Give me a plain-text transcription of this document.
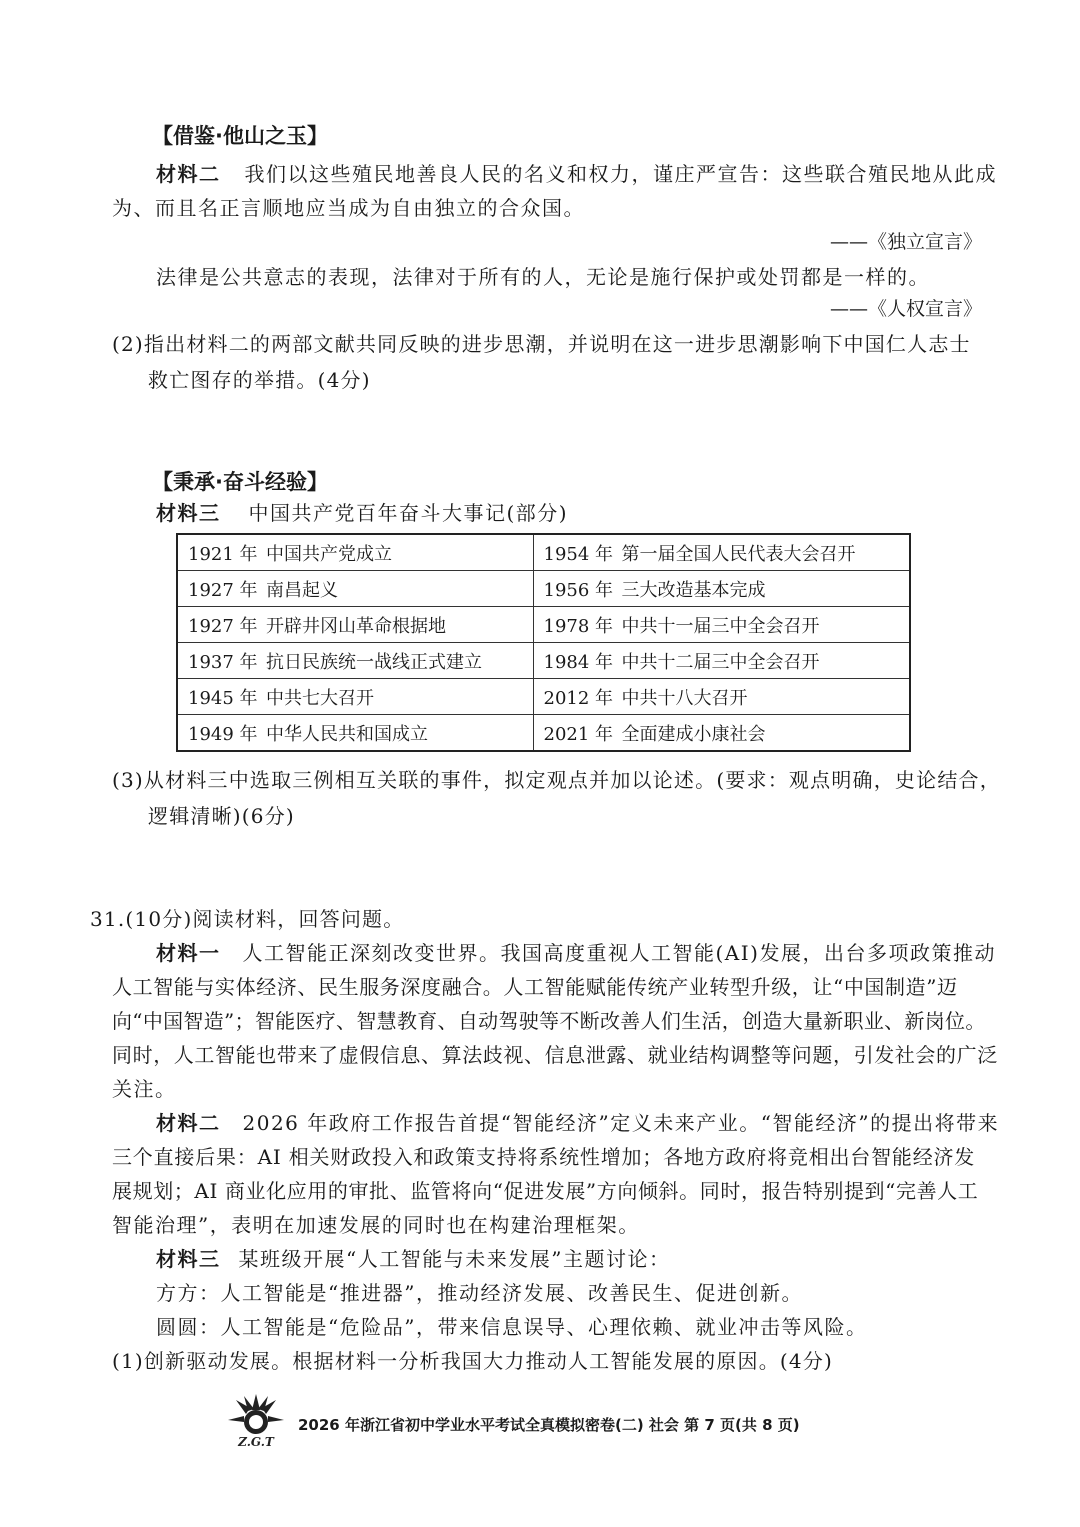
【借鉴·他山之玉】
材料二 我们以这些殖民地善良人民的名义和权力，谨庄严宣告：这些联合殖民地从此成
为、而且名正言顺地应当成为自由独立的合众国。
——《独立宣言》
法律是公共意志的表现，法律对于所有的人，无论是施行保护或处罚都是一样的。
——《人权宣言》
(2)指出材料二的两部文献共同反映的进步思潮，并说明在这一进步思潮影响下中国仁人志士
救亡图存的举措。(4分)
【秉承·奋斗经验】
材料三 中国共产党百年奋斗大事记(部分)
1921 年 中国共产党成立	1954 年 第一届全国人民代表大会召开
1927 年 南昌起义	1956 年 三大改造基本完成
1927 年 开辟井冈山革命根据地	1978 年 中共十一届三中全会召开
1937 年 抗日民族统一战线正式建立	1984 年 中共十二届三中全会召开
1945 年 中共七大召开	2012 年 中共十八大召开
1949 年 中华人民共和国成立	2021 年 全面建成小康社会
(3)从材料三中选取三例相互关联的事件，拟定观点并加以论述。(要求：观点明确，史论结合，
逻辑清晰)(6分)
31.(10分)阅读材料，回答问题。
材料一 人工智能正深刻改变世界。我国高度重视人工智能(AI)发展，出台多项政策推动
人工智能与实体经济、民生服务深度融合。人工智能赋能传统产业转型升级，让“中国制造”迈
向“中国智造”；智能医疗、智慧教育、自动驾驶等不断改善人们生活，创造大量新职业、新岗位。
同时，人工智能也带来了虚假信息、算法歧视、信息泄露、就业结构调整等问题，引发社会的广泛
关注。
材料二 2026 年政府工作报告首提“智能经济”定义未来产业。“智能经济”的提出将带来
三个直接后果：AI 相关财政投入和政策支持将系统性增加；各地方政府将竞相出台智能经济发
展规划；AI 商业化应用的审批、监管将向“促进发展”方向倾斜。同时，报告特别提到“完善人工
智能治理”，表明在加速发展的同时也在构建治理框架。
材料三 某班级开展“人工智能与未来发展”主题讨论：
方方：人工智能是“推进器”，推动经济发展、改善民生、促进创新。
圆圆：人工智能是“危险品”，带来信息误导、心理依赖、就业冲击等风险。
(1)创新驱动发展。根据材料一分析我国大力推动人工智能发展的原因。(4分)
Z.G.T
2026 年浙江省初中学业水平考试全真模拟密卷(二) 社会 第 7 页(共 8 页)
